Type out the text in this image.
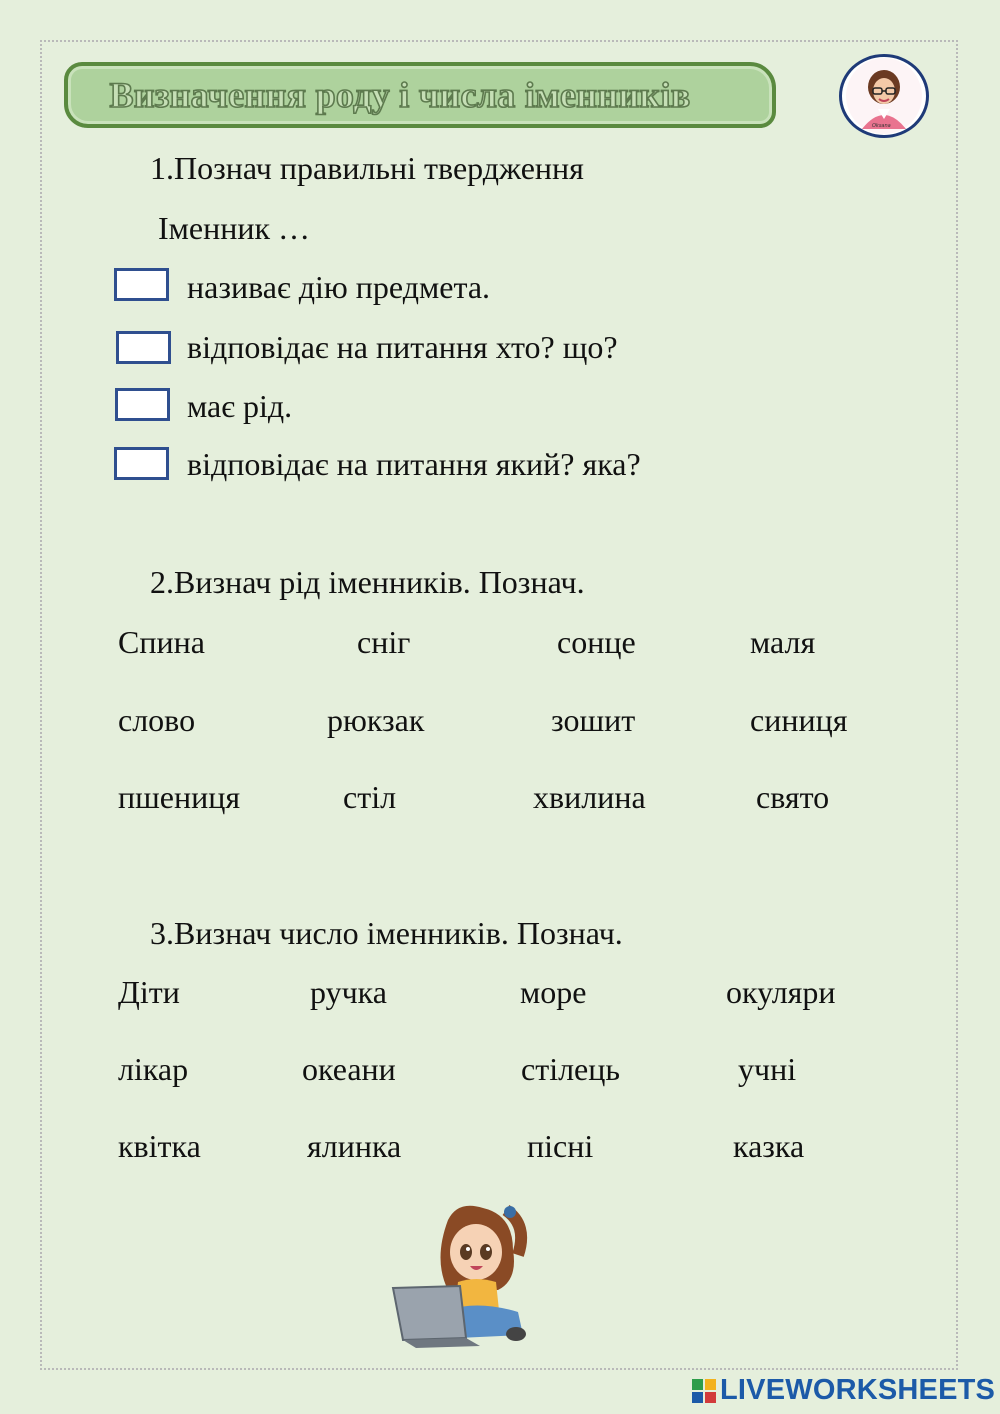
Визначення роду і числа іменників
Oksana
1.Познач правильні твердження
Іменник …
називає дію предмета.
відповідає на питання хто? що?
має рід.
відповідає на питання який? яка?
2.Визнач рід іменників. Познач.
Спина	сніг	сонце	маля
слово	рюкзак	зошит	синиця
пшениця	стіл	хвилина	свято
3.Визнач число іменників. Познач.
Діти	ручка	море	окуляри
лікар	океани	стілець	учні
квітка	ялинка	пісні	казка
LIVEWORKSHEETS
